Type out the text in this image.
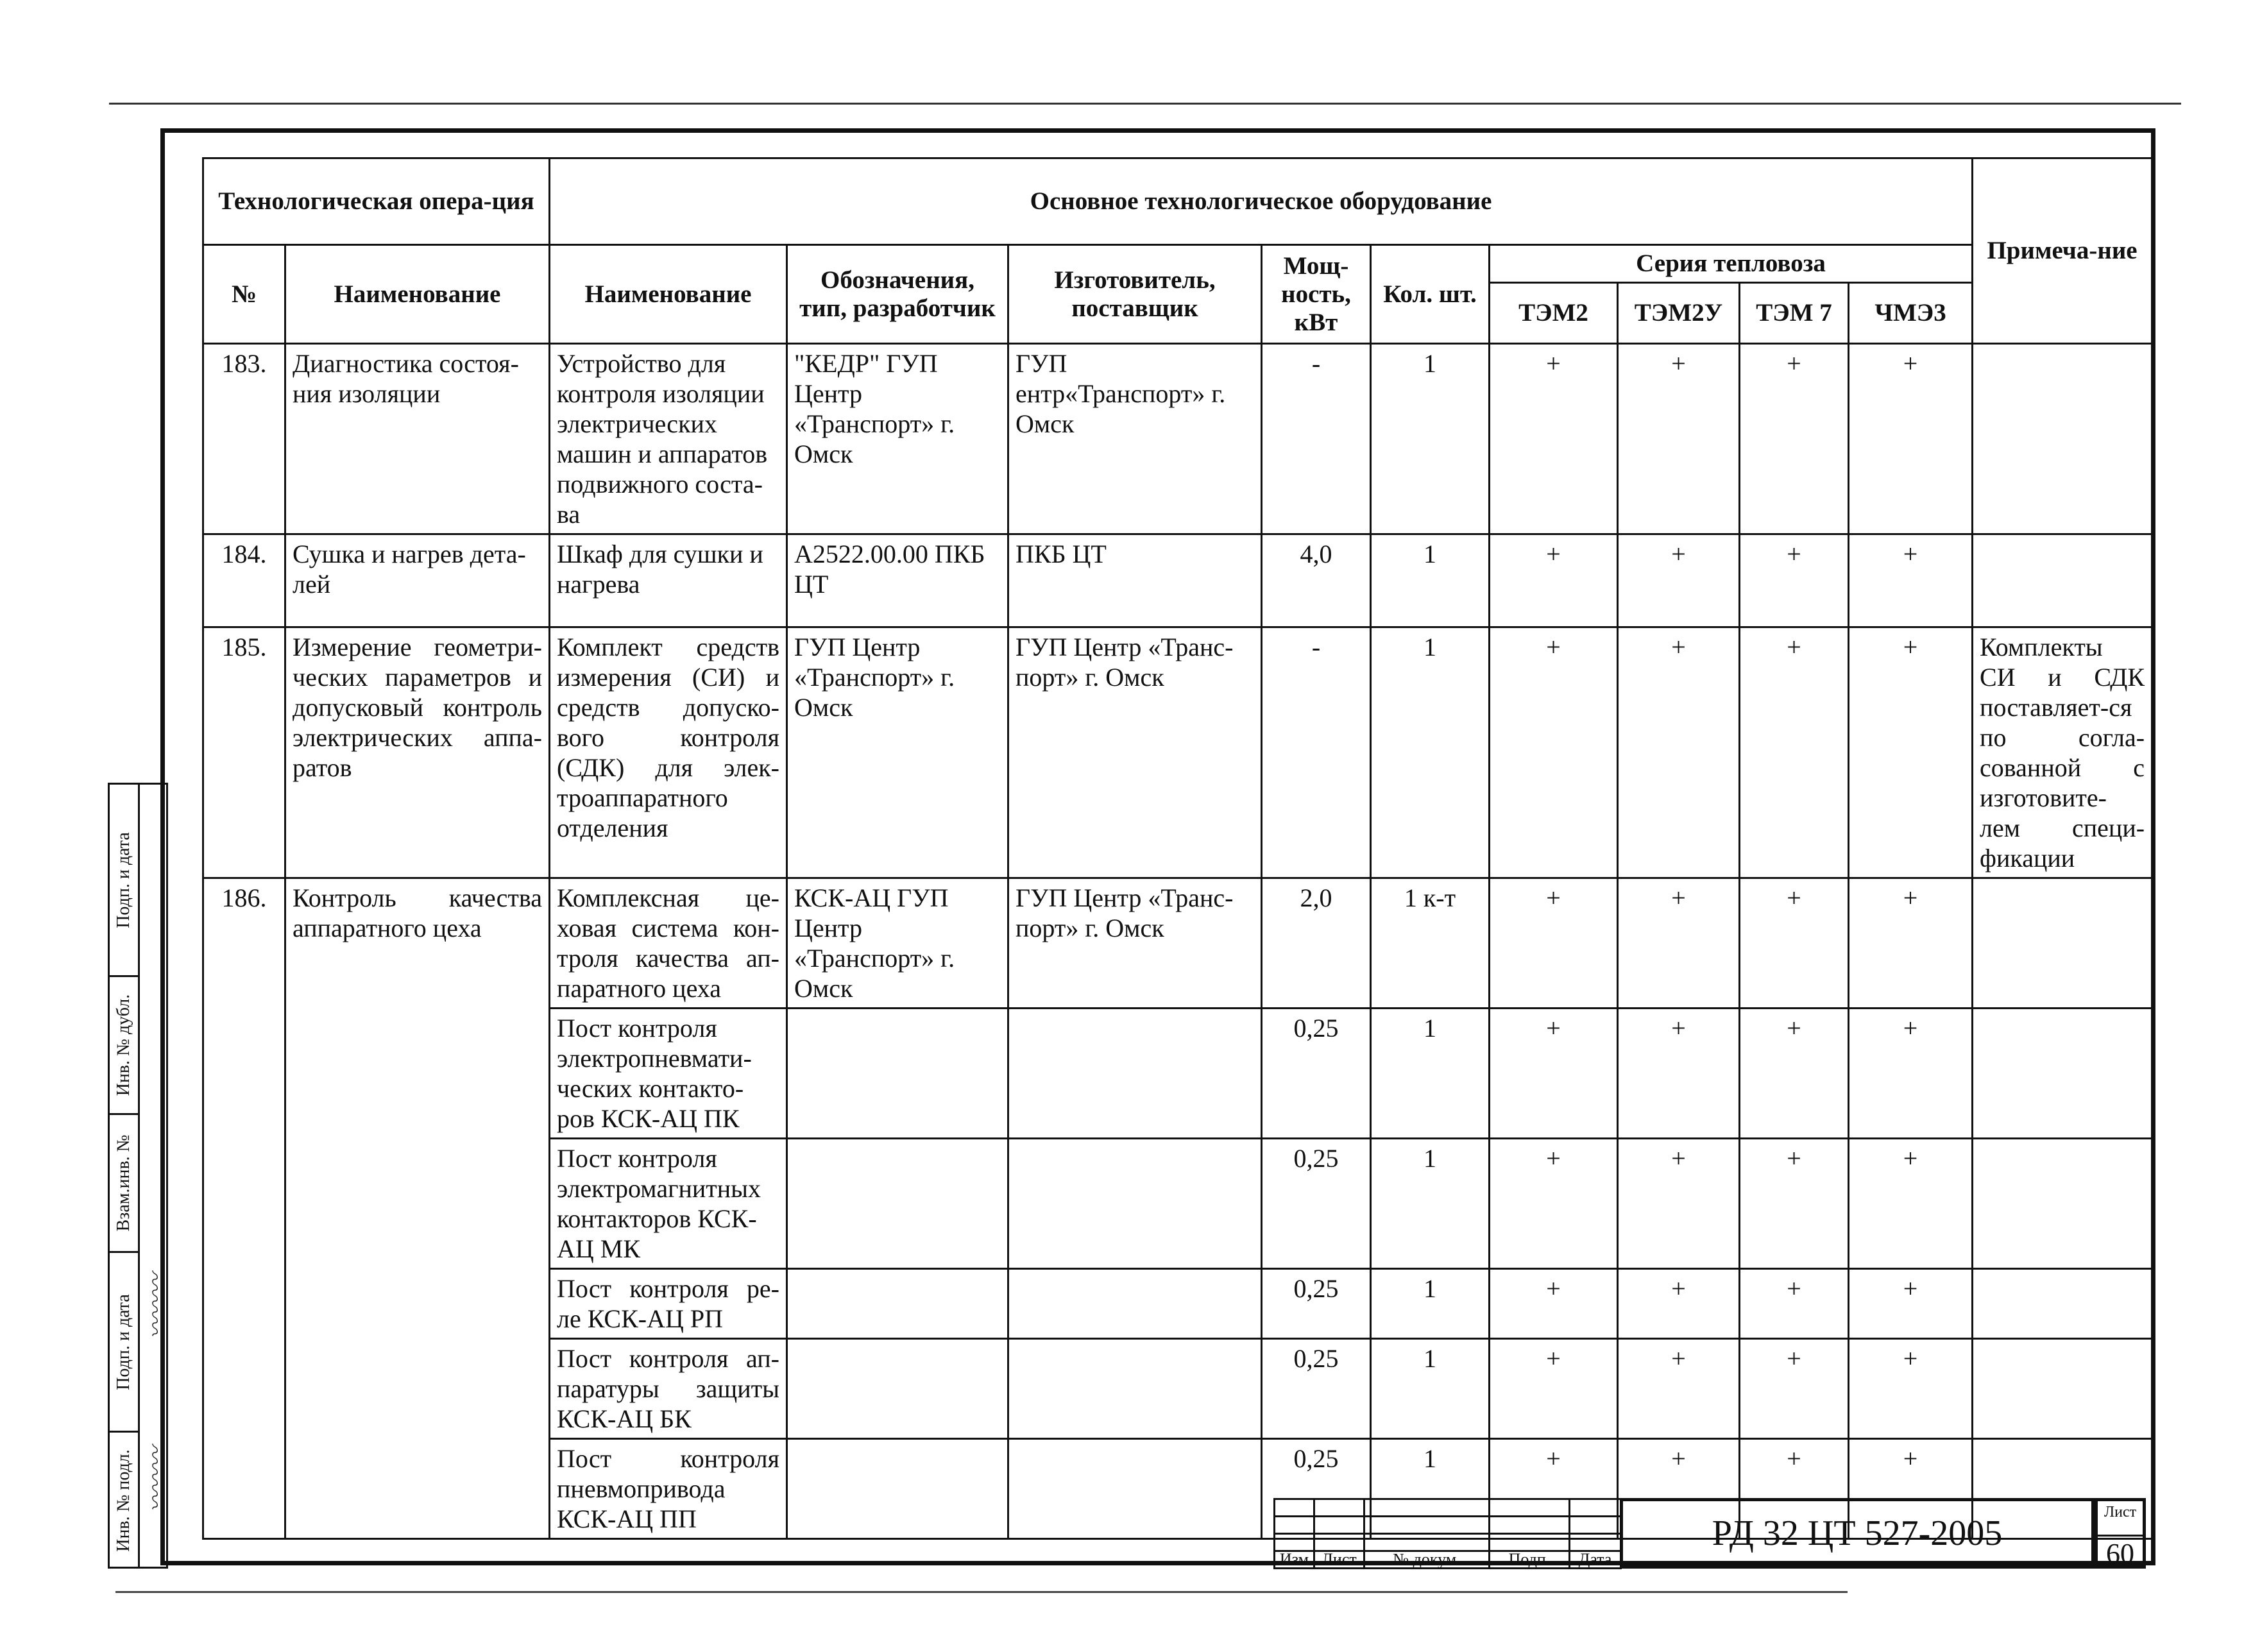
Подп. и дата
Инв. № дубл.
Взам.инв. №
Подп. и дата
Инв. № подл.
〰〰〰
〰〰〰
Технологическая опера-ция		Основное технологическое оборудование									Примеча-ние
№	Наименование	Наименование	Обозначения, тип, разработчик	Изготовитель, поставщик	Мощ-ность, кВт	Кол. шт.	Серия тепловоза				
							ТЭМ2	ТЭМ2У	ТЭМ 7	ЧМЭ3	
183.	Диагностика состоя-ния изоляции	Устройство для контроля изоляции электрических машин и аппаратов подвижного соста-ва	"КЕДР" ГУП Центр «Транспорт» г. Омск	ГУП ентр«Транспорт» г. Омск	-	1	+	+	+	+	
184.	Сушка и нагрев дета-лей	Шкаф для сушки и нагрева	А2522.00.00 ПКБ ЦТ	ПКБ ЦТ	4,0	1	+	+	+	+	
185.	Измерение геометри-ческих параметров и допусковый контроль электрических аппа-ратов	Комплект средств измерения (СИ) и средств допуско-вого контроля (СДК) для элек-троаппаратного отделения	ГУП Центр «Транспорт» г. Омск	ГУП Центр «Транс-порт» г. Омск	-	1	+	+	+	+	Комплекты СИ и СДК поставляет-ся по согла-сованной с изготовите-лем специ-фикации
186.	Контроль качества аппаратного цеха	Комплексная це-ховая система кон-троля качества ап-паратного цеха	КСК-АЦ ГУП Центр «Транспорт» г. Омск	ГУП Центр «Транс-порт» г. Омск	2,0	1 к-т	+	+	+	+	
		Пост контроля электропневмати-ческих контакто-ров КСК-АЦ ПК			0,25	1	+	+	+	+	
		Пост контроля электромагнитных контакторов КСК-АЦ МК			0,25	1	+	+	+	+	
		Пост контроля ре-ле КСК-АЦ РП			0,25	1	+	+	+	+	
		Пост контроля ап-паратуры защиты КСК-АЦ БК			0,25	1	+	+	+	+	
		Пост контроля пневмопривода КСК-АЦ ПП			0,25	1	+	+	+	+	

Изм	Лист	№ докум.	Подп.	Дата
РД 32 ЦТ 527-2005
Лист
60
